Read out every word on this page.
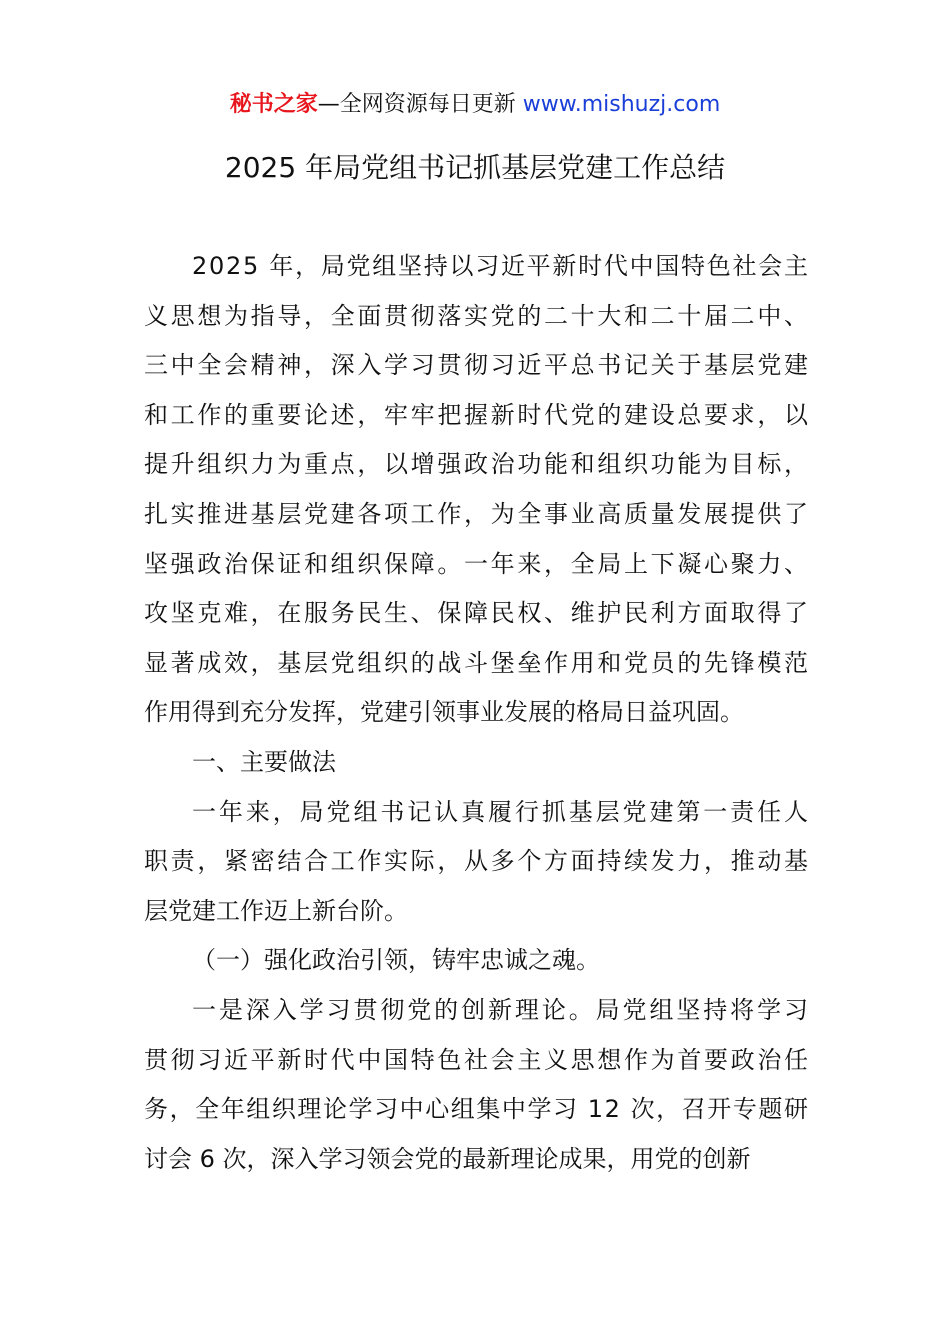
秘书之家—全网资源每日更新 www.mishuzj.com
2025 年局党组书记抓基层党建工作总结

2025 年，局党组坚持以习近平新时代中国特色社会主
义思想为指导，全面贯彻落实党的二十大和二十届二中、
三中全会精神，深入学习贯彻习近平总书记关于基层党建
和工作的重要论述，牢牢把握新时代党的建设总要求，以
提升组织力为重点，以增强政治功能和组织功能为目标，
扎实推进基层党建各项工作，为全事业高质量发展提供了
坚强政治保证和组织保障。一年来，全局上下凝心聚力、
攻坚克难，在服务民生、保障民权、维护民利方面取得了
显著成效，基层党组织的战斗堡垒作用和党员的先锋模范
作用得到充分发挥，党建引领事业发展的格局日益巩固。

一、主要做法

一年来，局党组书记认真履行抓基层党建第一责任人
职责，紧密结合工作实际，从多个方面持续发力，推动基
层党建工作迈上新台阶。

（一）强化政治引领，铸牢忠诚之魂。

一是深入学习贯彻党的创新理论。局党组坚持将学习
贯彻习近平新时代中国特色社会主义思想作为首要政治任
务，全年组织理论学习中心组集中学习 12 次，召开专题研
讨会 6 次，深入学习领会党的最新理论成果，用党的创新
